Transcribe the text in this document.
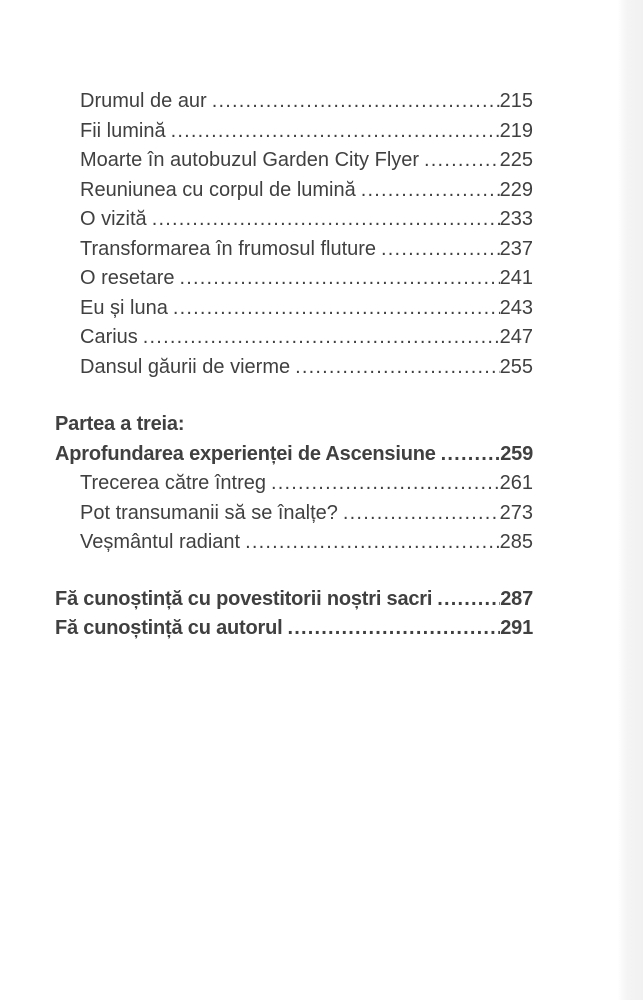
Drumul de aur .....	215
Fii lumină .....	219
Moarte în autobuzul Garden City Flyer .....	225
Reuniunea cu corpul de lumină .....	229
O vizită .....	233
Transformarea în frumosul fluture .....	237
O resetare .....	241
Eu și luna .....	243
Carius .....	247
Dansul găurii de vierme .....	255
Partea a treia:
Aprofundarea experienței de Ascensiune .....	259
Trecerea către întreg .....	261
Pot transumanii să se înalțe? .....	273
Veșmântul radiant .....	285
Fă cunoștință cu povestitorii noștri sacri .....	287
Fă cunoștință cu autorul .....	291
